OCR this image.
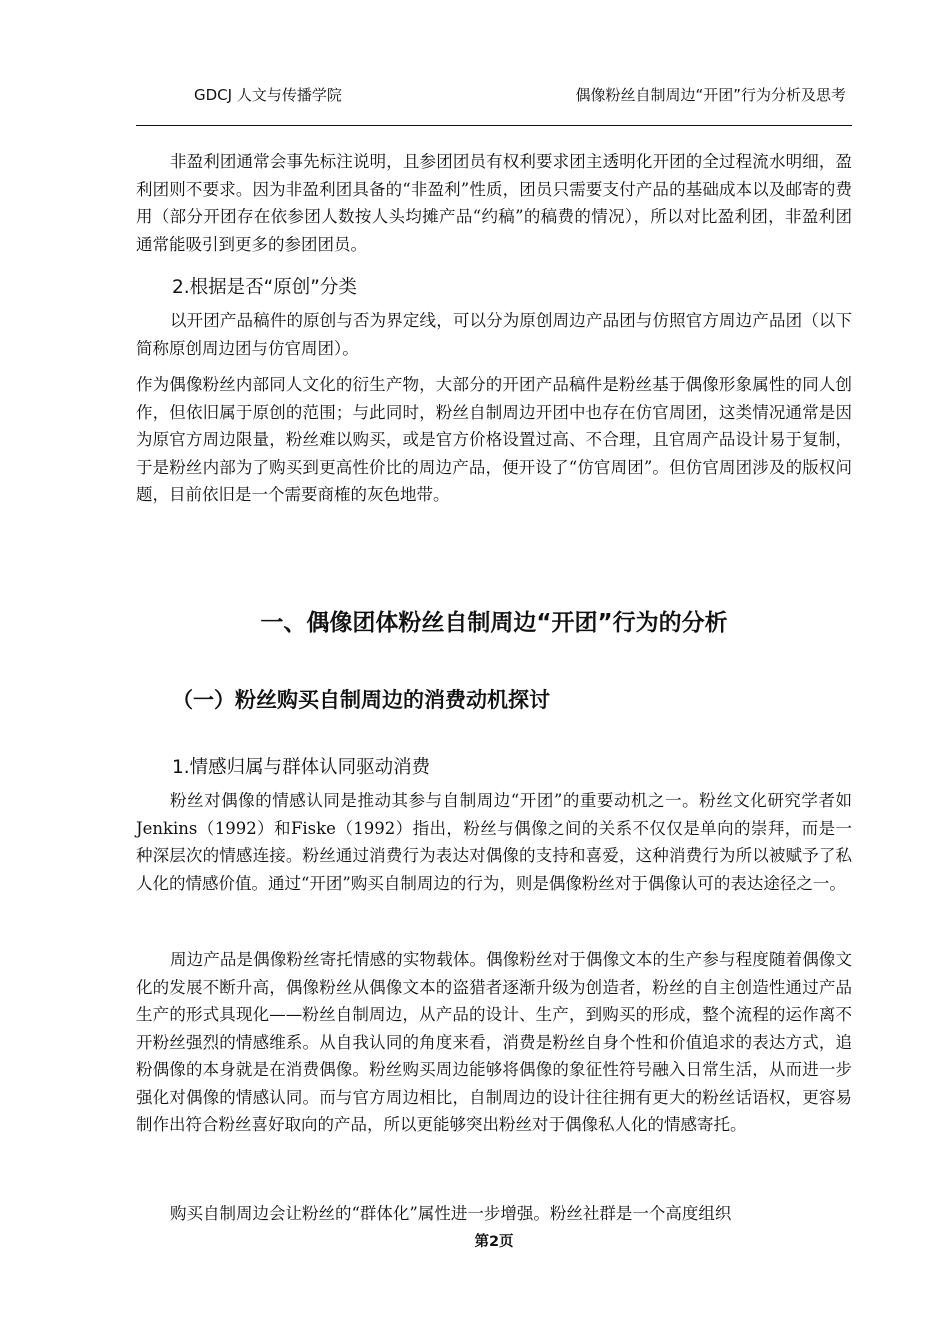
GDCJ 人文与传播学院	偶像粉丝自制周边“开团”行为分析及思考

非盈利团通常会事先标注说明，且参团团员有权利要求团主透明化开团的全过程流水明细，盈利团则不要求。因为非盈利团具备的“非盈利”性质，团员只需要支付产品的基础成本以及邮寄的费用（部分开团存在依参团人数按人头均摊产品“约稿”的稿费的情况），所以对比盈利团，非盈利团通常能吸引到更多的参团团员。

2.根据是否“原创”分类

以开团产品稿件的原创与否为界定线，可以分为原创周边产品团与仿照官方周边产品团（以下简称原创周边团与仿官周团）。

作为偶像粉丝内部同人文化的衍生产物，大部分的开团产品稿件是粉丝基于偶像形象属性的同人创作，但依旧属于原创的范围；与此同时，粉丝自制周边开团中也存在仿官周团，这类情况通常是因为原官方周边限量，粉丝难以购买，或是官方价格设置过高、不合理，且官周产品设计易于复制，于是粉丝内部为了购买到更高性价比的周边产品，便开设了“仿官周团”。但仿官周团涉及的版权问题，目前依旧是一个需要商榷的灰色地带。

一、偶像团体粉丝自制周边“开团”行为的分析
（一）粉丝购买自制周边的消费动机探讨

1.情感归属与群体认同驱动消费

粉丝对偶像的情感认同是推动其参与自制周边“开团”的重要动机之一。粉丝文化研究学者如Jenkins（1992）和Fiske（1992）指出，粉丝与偶像之间的关系不仅仅是单向的崇拜，而是一种深层次的情感连接。粉丝通过消费行为表达对偶像的支持和喜爱，这种消费行为所以被赋予了私人化的情感价值。通过“开团”购买自制周边的行为，则是偶像粉丝对于偶像认可的表达途径之一。

周边产品是偶像粉丝寄托情感的实物载体。偶像粉丝对于偶像文本的生产参与程度随着偶像文化的发展不断升高，偶像粉丝从偶像文本的盗猎者逐渐升级为创造者，粉丝的自主创造性通过产品生产的形式具现化——粉丝自制周边，从产品的设计、生产，到购买的形成，整个流程的运作离不开粉丝强烈的情感维系。从自我认同的角度来看，消费是粉丝自身个性和价值追求的表达方式，追粉偶像的本身就是在消费偶像。粉丝购买周边能够将偶像的象征性符号融入日常生活，从而进一步强化对偶像的情感认同。而与官方周边相比，自制周边的设计往往拥有更大的粉丝话语权，更容易制作出符合粉丝喜好取向的产品，所以更能够突出粉丝对于偶像私人化的情感寄托。

购买自制周边会让粉丝的“群体化”属性进一步增强。粉丝社群是一个高度组织

第2页
